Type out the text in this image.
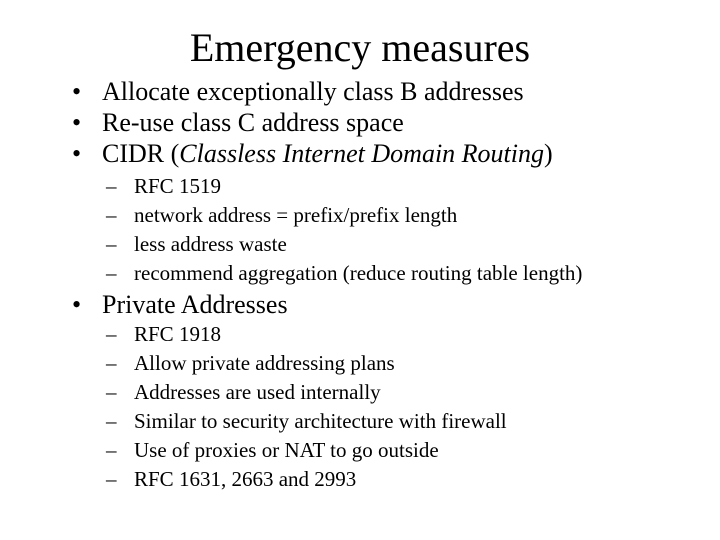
Emergency measures
• Allocate exceptionally class B addresses
• Re-use class C address space
• CIDR (Classless Internet Domain Routing)
– RFC 1519
– network address = prefix/prefix length
– less address waste
– recommend aggregation (reduce routing table length)
• Private Addresses
– RFC 1918
– Allow private addressing plans
– Addresses are used internally
– Similar to security architecture with firewall
– Use of proxies or NAT to go outside
– RFC 1631, 2663 and 2993
